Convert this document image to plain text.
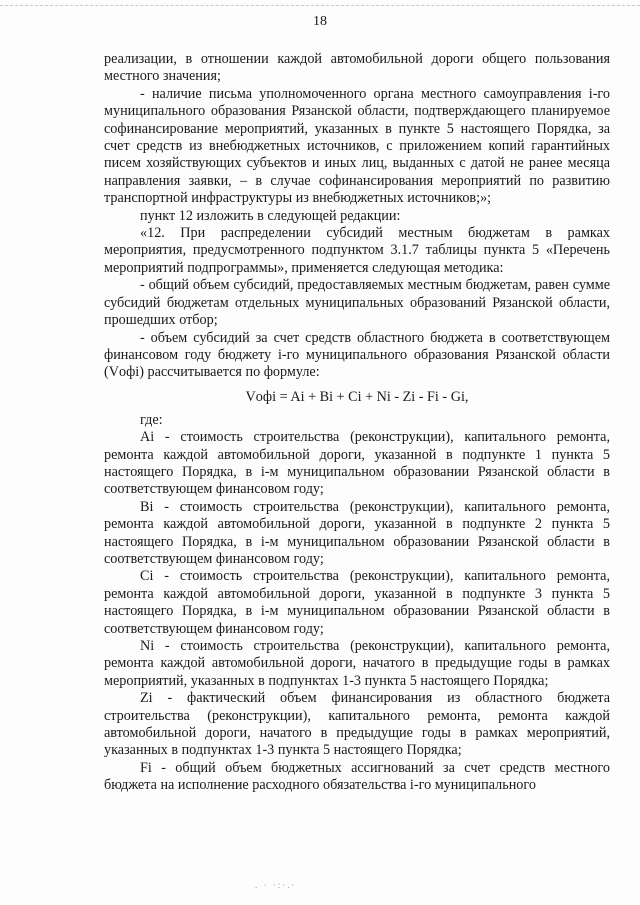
18

реализации, в отношении каждой автомобильной дороги общего пользования местного значения;

- наличие письма уполномоченного органа местного самоуправления i-го муниципального образования Рязанской области, подтверждающего планируемое софинансирование мероприятий, указанных в пункте 5 настоящего Порядка, за счет средств из внебюджетных источников, с приложением копий гарантийных писем хозяйствующих субъектов и иных лиц, выданных с датой не ранее месяца направления заявки, – в случае софинансирования мероприятий по развитию транспортной инфраструктуры из внебюджетных источников;»;

пункт 12 изложить в следующей редакции:

«12. При распределении субсидий местным бюджетам в рамках мероприятия, предусмотренного подпунктом 3.1.7 таблицы пункта 5 «Перечень мероприятий подпрограммы», применяется следующая методика:

- общий объем субсидий, предоставляемых местным бюджетам, равен сумме субсидий бюджетам отдельных муниципальных образований Рязанской области, прошедших отбор;

- объем субсидий за счет средств областного бюджета в соответствующем финансовом году бюджету i-го муниципального образования Рязанской области (Vофi) рассчитывается по формуле:

Vофi = Ai + Bi + Ci + Ni - Zi - Fi - Gi,

где:

Ai - стоимость строительства (реконструкции), капитального ремонта, ремонта каждой автомобильной дороги, указанной в подпункте 1 пункта 5 настоящего Порядка, в i-м муниципальном образовании Рязанской области в соответствующем финансовом году;

Bi - стоимость строительства (реконструкции), капитального ремонта, ремонта каждой автомобильной дороги, указанной в подпункте 2 пункта 5 настоящего Порядка, в i-м муниципальном образовании Рязанской области в соответствующем финансовом году;

Ci - стоимость строительства (реконструкции), капитального ремонта, ремонта каждой автомобильной дороги, указанной в подпункте 3 пункта 5 настоящего Порядка, в i-м муниципальном образовании Рязанской области в соответствующем финансовом году;

Ni - стоимость строительства (реконструкции), капитального ремонта, ремонта каждой автомобильной дороги, начатого в предыдущие годы в рамках мероприятий, указанных в подпунктах 1-3 пункта 5 настоящего Порядка;

Zi - фактический объем финансирования из областного бюджета строительства (реконструкции), капитального ремонта, ремонта каждой автомобильной дороги, начатого в предыдущие годы в рамках мероприятий, указанных в подпунктах 1-3 пункта 5 настоящего Порядка;

Fi - общий объем бюджетных ассигнований за счет средств местного бюджета на исполнение расходного обязательства i-го муниципального

. · ·:·.·
